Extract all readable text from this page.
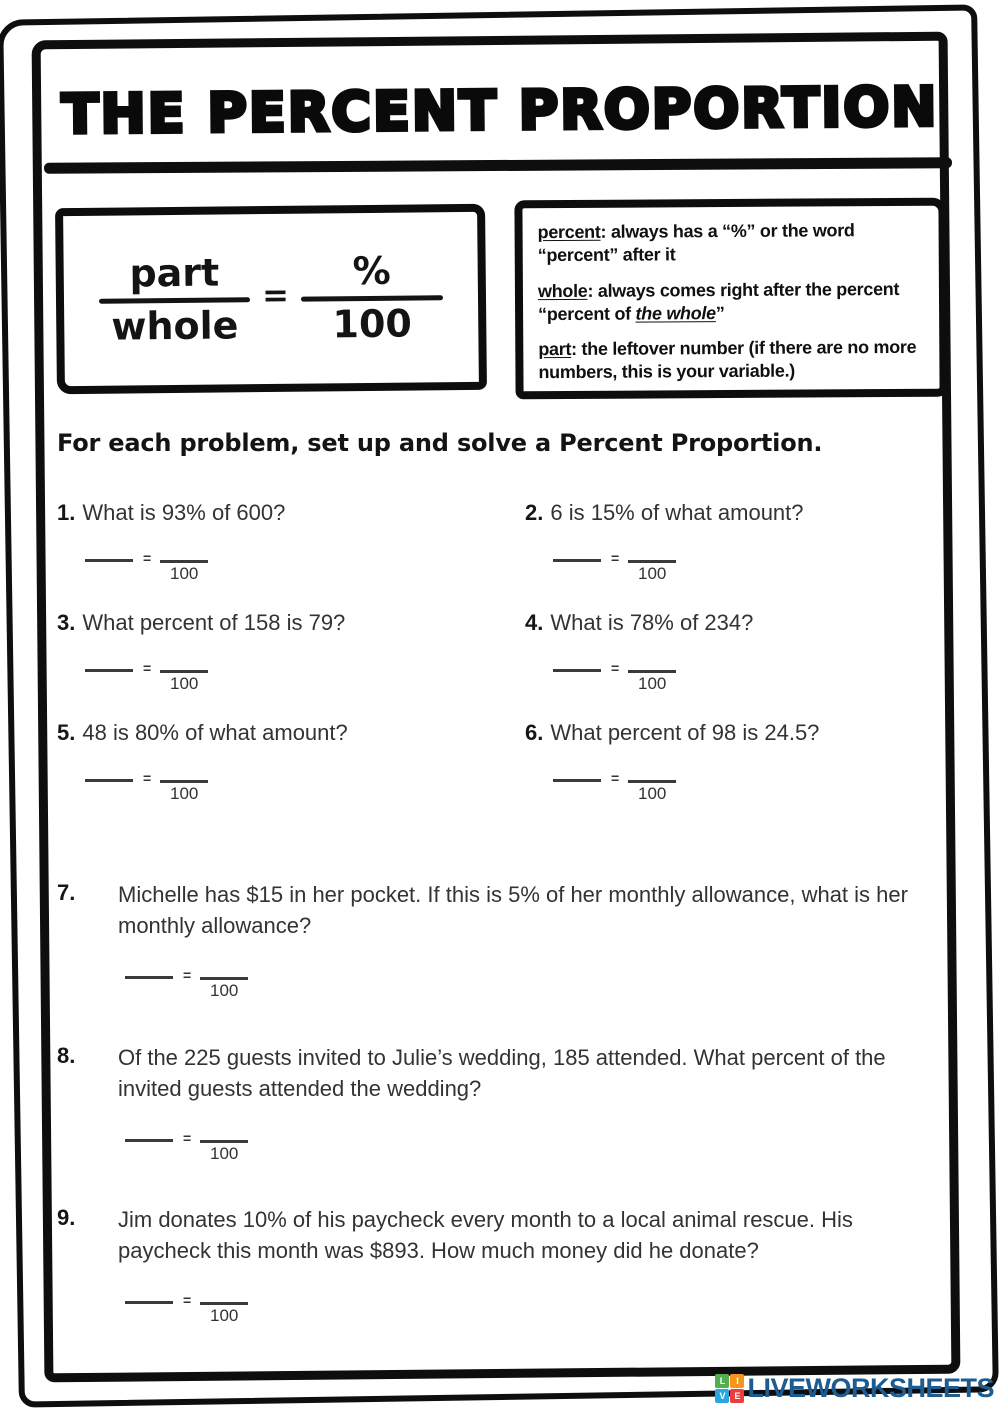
THE PERCENT PROPORTION
part
whole
=
%
100
percent: always has a “%” or the word “percent” after it
whole: always comes right after the percent “percent of the whole”
part: the leftover number (if there are no more numbers, this is your variable.)
For each problem, set up and solve a Percent Proportion.
1. What is 93% of 600?	2. 6 is 15% of what amount?
3. What percent of 158 is 79?	4. What is 78% of 234?
5. 48 is 80% of what amount?	6. What percent of 98 is 24.5?
=
100
=
100
=
100
=
100
=
100
=
100
7.	Michelle has $15 in her pocket. If this is 5% of her monthly allowance, what is her monthly allowance?
=
100
8.	Of the 225 guests invited to Julie’s wedding, 185 attended. What percent of the invited guests attended the wedding?
=
100
9.	Jim donates 10% of his paycheck every month to a local animal rescue. His paycheck this month was $893. How much money did he donate?
=
100
L	I
V E LIVEWORKSHEETS
